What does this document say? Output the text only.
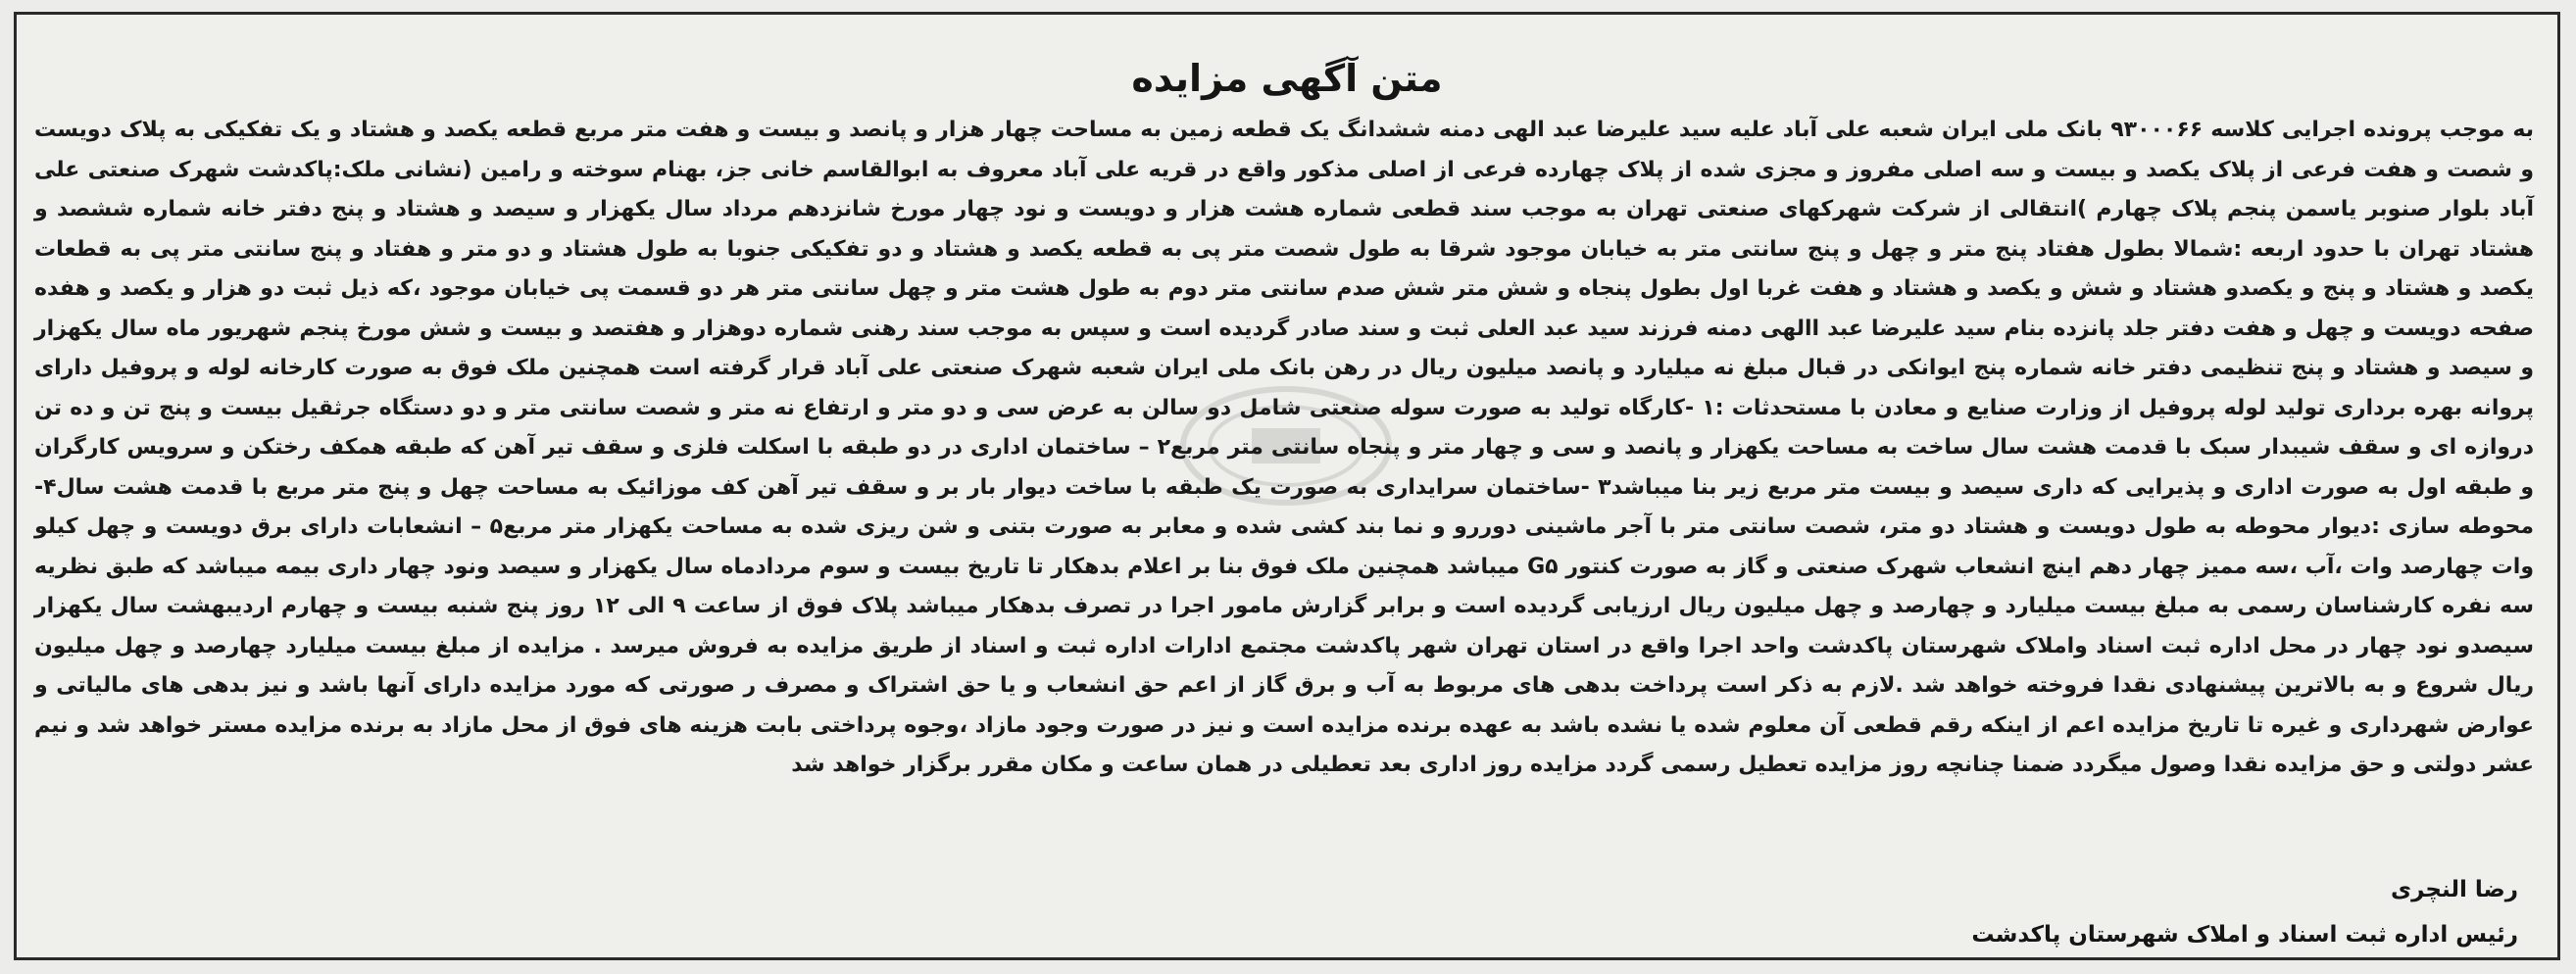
متن آگهی مزایده
به موجب پرونده اجرایی کلاسه ۹۳۰۰۰۶۶ بانک ملی ایران شعبه علی آباد علیه سید علیرضا عبد الهی دمنه ششدانگ یک قطعه زمین به مساحت چهار هزار و پانصد و بیست و هفت متر مربع قطعه یکصد و هشتاد و یک تفکیکی به پلاک دویست و شصت و هفت فرعی از پلاک یکصد و بیست و سه اصلی مفروز و مجزی شده از پلاک چهارده فرعی از اصلی مذکور واقع در قریه علی آباد معروف به ابوالقاسم خانی جز، بهنام سوخته و رامین (نشانی ملک:پاکدشت شهرک صنعتی علی آباد بلوار صنوبر یاسمن پنجم پلاک چهارم )انتقالی از شرکت شهرکهای صنعتی تهران به موجب سند قطعی شماره هشت هزار و دویست و نود چهار مورخ شانزدهم مرداد سال یکهزار و سیصد و هشتاد و پنج دفتر خانه شماره ششصد و هشتاد تهران با حدود اربعه :شمالا بطول هفتاد پنج متر و چهل و پنج سانتی متر به خیابان موجود شرقا به طول شصت متر پی به قطعه یکصد و هشتاد و دو تفکیکی جنوبا به طول هشتاد و دو متر و هفتاد و پنج سانتی متر پی به قطعات یکصد و هشتاد و پنج و یکصدو هشتاد و شش و یکصد و هشتاد و هفت غربا اول بطول پنجاه و شش متر شش صدم سانتی متر دوم به طول هشت متر و چهل سانتی متر هر دو قسمت پی خیابان موجود ،که ذیل ثبت دو هزار و یکصد و هفده صفحه دویست و چهل و هفت دفتر جلد پانزده بنام سید علیرضا عبد االهی دمنه فرزند سید عبد العلی ثبت و سند صادر گردیده است و سپس به موجب سند رهنی شماره دوهزار و هفتصد و بیست و شش مورخ پنجم شهریور ماه سال یکهزار و سیصد و هشتاد و پنج تنظیمی دفتر خانه شماره پنج ایوانکی در قبال مبلغ نه میلیارد و پانصد میلیون ریال در رهن بانک ملی ایران شعبه شهرک صنعتی علی آباد قرار گرفته است همچنین ملک فوق به صورت کارخانه لوله و پروفیل دارای پروانه بهره برداری تولید لوله پروفیل از وزارت صنایع و معادن با مستحدثات :۱ -کارگاه تولید به صورت سوله صنعتی شامل دو سالن به عرض سی و دو متر و ارتفاع نه متر و شصت سانتی متر و دو دستگاه جرثقیل بیست و پنج تن و ده تن دروازه ای و سقف شیبدار سبک با قدمت هشت سال ساخت به مساحت یکهزار و پانصد و سی و چهار متر و پنجاه سانتی متر مربع۲ – ساختمان اداری در دو طبقه با اسکلت فلزی و سقف تیر آهن که طبقه همکف رختکن و سرویس کارگران و طبقه اول به صورت اداری و پذیرایی که داری سیصد و بیست متر مربع زیر بنا میباشد۳ -ساختمان سرایداری به صورت یک طبقه با ساخت دیوار بار بر و سقف تیر آهن کف موزائیک به مساحت چهل و پنج متر مربع با قدمت هشت سال۴- محوطه سازی :دیوار محوطه به طول دویست و هشتاد دو متر، شصت سانتی متر با آجر ماشینی دوررو و نما بند کشی شده و معابر به صورت بتنی و شن ریزی شده به مساحت یکهزار متر مربع۵ – انشعابات دارای برق دویست و چهل کیلو وات چهارصد وات ،آب ،سه ممیز چهار دهم اینچ انشعاب شهرک صنعتی و گاز به صورت کنتور G۵ میباشد همچنین ملک فوق بنا بر اعلام بدهکار تا تاریخ بیست و سوم مردادماه سال یکهزار و سیصد ونود چهار داری بیمه میباشد که طبق نظریه سه نفره کارشناسان رسمی به مبلغ بیست میلیارد و چهارصد و چهل میلیون ریال ارزیابی گردیده است و برابر گزارش مامور اجرا در تصرف بدهکار میباشد پلاک فوق از ساعت ۹ الی ۱۲ روز پنج شنبه بیست و چهارم اردیبهشت سال یکهزار سیصدو نود چهار در محل اداره ثبت اسناد واملاک شهرستان پاکدشت واحد اجرا واقع در استان تهران شهر پاکدشت مجتمع ادارات اداره ثبت و اسناد از طریق مزایده به فروش میرسد . مزایده از مبلغ بیست میلیارد چهارصد و چهل میلیون ریال شروع و به بالاترین پیشنهادی نقدا فروخته خواهد شد .لازم به ذکر است پرداخت بدهی های مربوط به آب و برق گاز از اعم حق انشعاب و یا حق اشتراک و مصرف ر صورتی که مورد مزایده دارای آنها باشد و نیز بدهی های مالیاتی و عوارض شهرداری و غیره تا تاریخ مزایده اعم از اینکه رقم قطعی آن معلوم شده یا نشده باشد به عهده برنده مزایده است و نیز در صورت وجود مازاد ،وجوه پرداختی بابت هزینه های فوق از محل مازاد به برنده مزایده مستر خواهد شد و نیم عشر دولتی و حق مزایده نقدا وصول میگردد ضمنا چنانچه روز مزایده تعطیل رسمی گردد مزایده روز اداری بعد تعطیلی در همان ساعت و مکان مقرر برگزار خواهد شد
رضا النچری
رئیس اداره ثبت اسناد و املاک شهرستان پاکدشت
